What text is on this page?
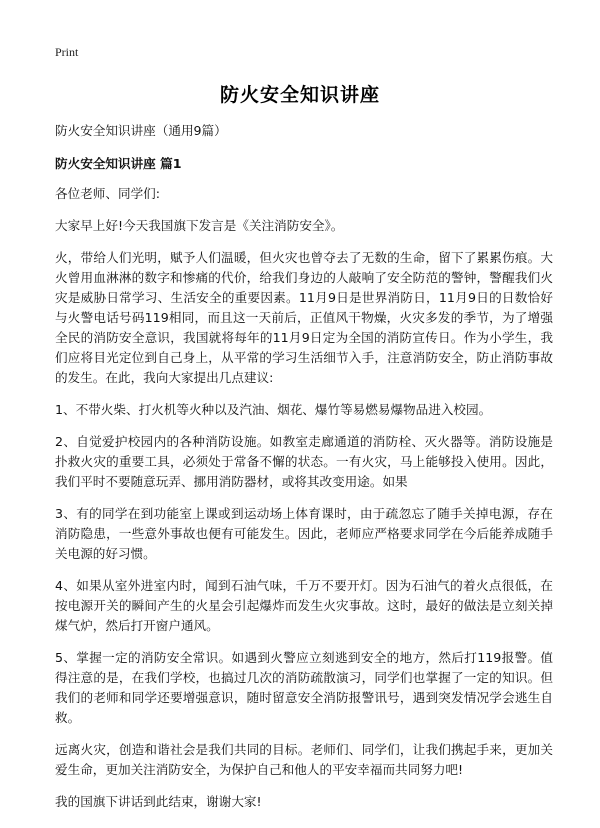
Print
防火安全知识讲座

防火安全知识讲座（通用9篇）

防火安全知识讲座 篇1

各位老师、同学们:

大家早上好!今天我国旗下发言是《关注消防安全》。

火，带给人们光明，赋予人们温暖，但火灾也曾夺去了无数的生命，留下了累累伤痕。大火曾用血淋淋的数字和惨痛的代价，给我们身边的人敲响了安全防范的警钟，警醒我们火灾是威胁日常学习、生活安全的重要因素。11月9日是世界消防日，11月9日的日数恰好与火警电话号码119相同，而且这一天前后，正值风干物燥，火灾多发的季节，为了增强全民的消防安全意识，我国就将每年的11月9日定为全国的消防宣传日。作为小学生，我们应将目光定位到自己身上，从平常的学习生活细节入手，注意消防安全，防止消防事故的发生。在此，我向大家提出几点建议:

1、不带火柴、打火机等火种以及汽油、烟花、爆竹等易燃易爆物品进入校园。

2、自觉爱护校园内的各种消防设施。如教室走廊通道的消防栓、灭火器等。消防设施是扑救火灾的重要工具，必须处于常备不懈的状态。一有火灾，马上能够投入使用。因此，我们平时不要随意玩弄、挪用消防器材，或将其改变用途。如果

3、有的同学在到功能室上课或到运动场上体育课时，由于疏忽忘了随手关掉电源，存在消防隐患，一些意外事故也便有可能发生。因此，老师应严格要求同学在今后能养成随手关电源的好习惯。

4、如果从室外进室内时，闻到石油气味，千万不要开灯。因为石油气的着火点很低，在按电源开关的瞬间产生的火星会引起爆炸而发生火灾事故。这时，最好的做法是立刻关掉煤气炉，然后打开窗户通风。

5、掌握一定的消防安全常识。如遇到火警应立刻逃到安全的地方，然后打119报警。值得注意的是，在我们学校，也搞过几次的消防疏散演习，同学们也掌握了一定的知识。但我们的老师和同学还要增强意识，随时留意安全消防报警讯号，遇到突发情况学会逃生自救。

远离火灾，创造和谐社会是我们共同的目标。老师们、同学们，让我们携起手来，更加关爱生命，更加关注消防安全，为保护自己和他人的平安幸福而共同努力吧!

我的国旗下讲话到此结束，谢谢大家!
